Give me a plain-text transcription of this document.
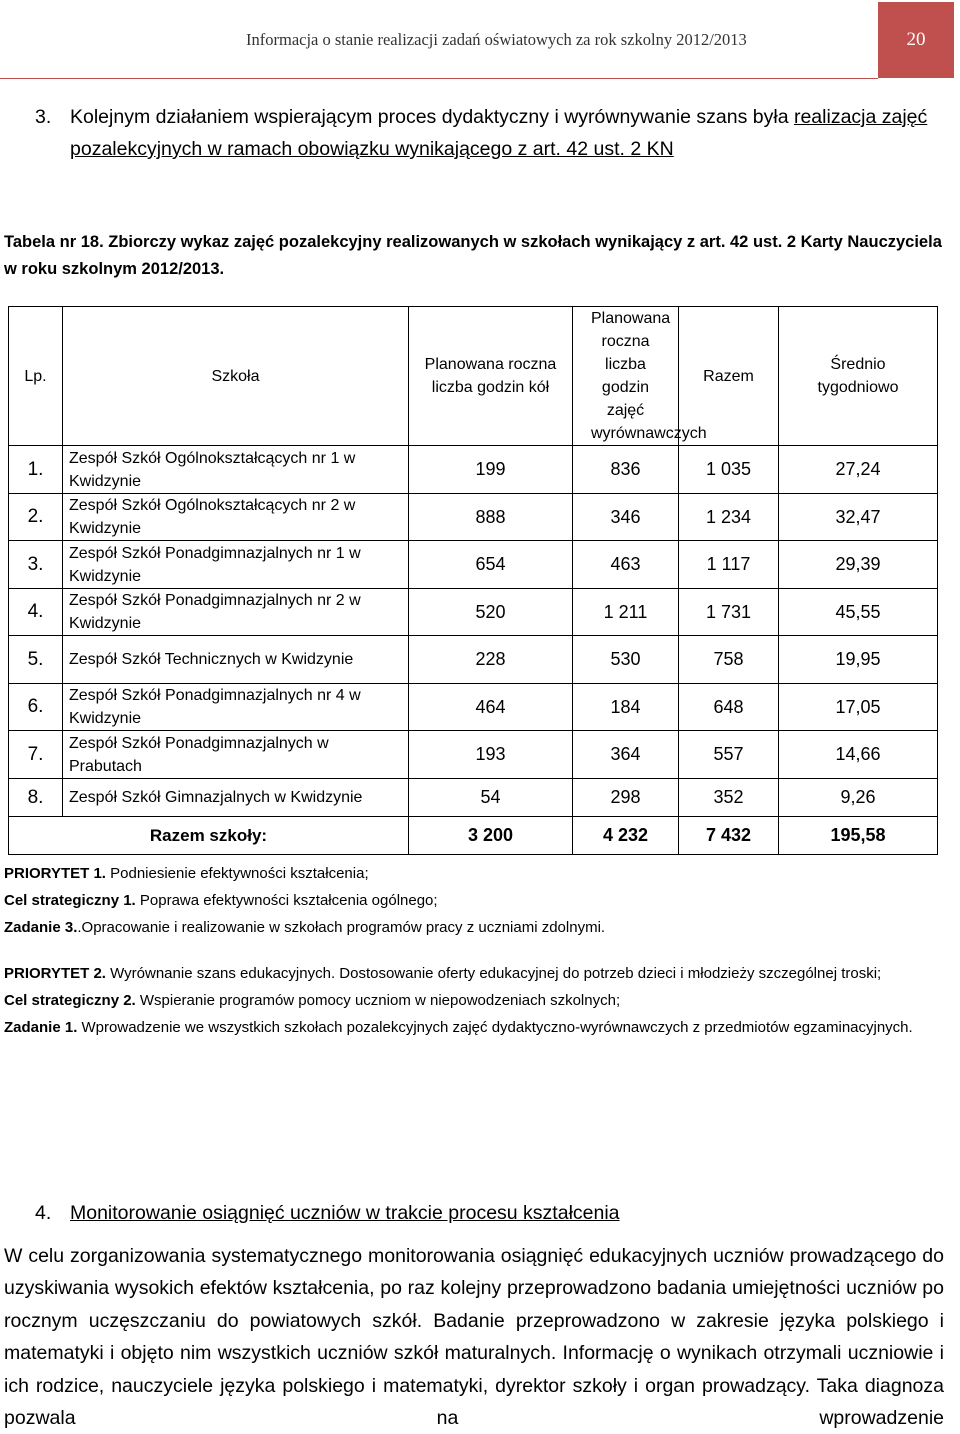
Informacja o stanie realizacji zadań oświatowych za rok szkolny 2012/2013	20
3. Kolejnym działaniem wspierającym proces dydaktyczny i wyrównywanie szans była realizacja zajęć pozalekcyjnych w ramach obowiązku wynikającego z art. 42 ust. 2 KN
Tabela nr 18. Zbiorczy wykaz zajęć pozalekcyjny realizowanych w szkołach wynikający z art. 42 ust. 2 Karty Nauczyciela w roku szkolnym 2012/2013.
Lp.	Szkoła	Planowana roczna liczba godzin kół	Planowana roczna liczba godzin zajęć wyrównawczych	Razem	Średnio tygodniowo
1.	Zespół Szkół Ogólnokształcących nr 1 w Kwidzynie	199	836	1 035	27,24
2.	Zespół Szkół Ogólnokształcących nr 2 w Kwidzynie	888	346	1 234	32,47
3.	Zespół Szkół Ponadgimnazjalnych nr 1 w Kwidzynie	654	463	1 117	29,39
4.	Zespół Szkół Ponadgimnazjalnych nr 2 w Kwidzynie	520	1 211	1 731	45,55
5.	Zespół Szkół Technicznych w Kwidzynie	228	530	758	19,95
6.	Zespół Szkół Ponadgimnazjalnych nr 4 w Kwidzynie	464	184	648	17,05
7.	Zespół Szkół Ponadgimnazjalnych w Prabutach	193	364	557	14,66
8.	Zespół Szkół Gimnazjalnych w Kwidzynie	54	298	352	9,26
Razem szkoły:		3 200	4 232	7 432	195,58
PRIORYTET 1. Podniesienie efektywności kształcenia;
Cel strategiczny 1. Poprawa efektywności kształcenia ogólnego;
Zadanie 3..Opracowanie i realizowanie w szkołach programów pracy z uczniami zdolnymi.
PRIORYTET 2. Wyrównanie szans edukacyjnych. Dostosowanie oferty edukacyjnej do potrzeb dzieci i młodzieży szczególnej troski;
Cel strategiczny 2. Wspieranie programów pomocy uczniom w niepowodzeniach szkolnych;
Zadanie 1. Wprowadzenie we wszystkich szkołach pozalekcyjnych zajęć dydaktyczno-wyrównawczych z przedmiotów egzaminacyjnych.
4. Monitorowanie osiągnięć uczniów w trakcie procesu kształcenia
W celu zorganizowania systematycznego monitorowania osiągnięć edukacyjnych uczniów prowadzącego do uzyskiwania wysokich efektów kształcenia, po raz kolejny przeprowadzono badania umiejętności uczniów po rocznym uczęszczaniu do powiatowych szkół. Badanie przeprowadzono w zakresie języka polskiego i matematyki i objęto nim wszystkich uczniów szkół maturalnych. Informację o wynikach otrzymali uczniowie i ich rodzice, nauczyciele języka polskiego i matematyki, dyrektor szkoły i organ prowadzący. Taka diagnoza pozwala na wprowadzenie
